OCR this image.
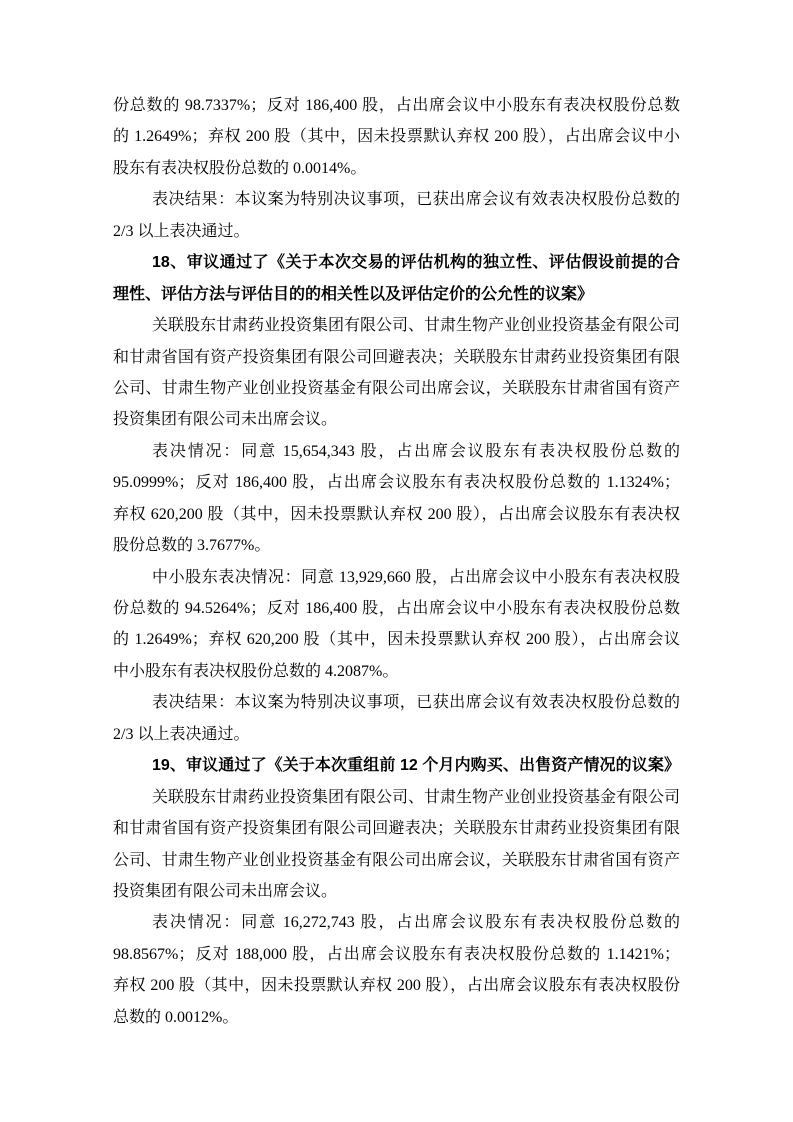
份总数的 98.7337%；反对 186,400 股，占出席会议中小股东有表决权股份总数
的 1.2649%；弃权 200 股（其中，因未投票默认弃权 200 股），占出席会议中小
股东有表决权股份总数的 0.0014%。
表决结果：本议案为特别决议事项，已获出席会议有效表决权股份总数的
2/3 以上表决通过。
18、审议通过了《关于本次交易的评估机构的独立性、评估假设前提的合
理性、评估方法与评估目的的相关性以及评估定价的公允性的议案》
关联股东甘肃药业投资集团有限公司、甘肃生物产业创业投资基金有限公司
和甘肃省国有资产投资集团有限公司回避表决；关联股东甘肃药业投资集团有限
公司、甘肃生物产业创业投资基金有限公司出席会议，关联股东甘肃省国有资产
投资集团有限公司未出席会议。
表决情况：同意 15,654,343 股，占出席会议股东有表决权股份总数的
95.0999%；反对 186,400 股，占出席会议股东有表决权股份总数的 1.1324%；
弃权 620,200 股（其中，因未投票默认弃权 200 股），占出席会议股东有表决权
股份总数的 3.7677%。
中小股东表决情况：同意 13,929,660 股，占出席会议中小股东有表决权股
份总数的 94.5264%；反对 186,400 股，占出席会议中小股东有表决权股份总数
的 1.2649%；弃权 620,200 股（其中，因未投票默认弃权 200 股），占出席会议
中小股东有表决权股份总数的 4.2087%。
表决结果：本议案为特别决议事项，已获出席会议有效表决权股份总数的
2/3 以上表决通过。
19、审议通过了《关于本次重组前 12 个月内购买、出售资产情况的议案》
关联股东甘肃药业投资集团有限公司、甘肃生物产业创业投资基金有限公司
和甘肃省国有资产投资集团有限公司回避表决；关联股东甘肃药业投资集团有限
公司、甘肃生物产业创业投资基金有限公司出席会议，关联股东甘肃省国有资产
投资集团有限公司未出席会议。
表决情况：同意 16,272,743 股，占出席会议股东有表决权股份总数的
98.8567%；反对 188,000 股，占出席会议股东有表决权股份总数的 1.1421%；
弃权 200 股（其中，因未投票默认弃权 200 股），占出席会议股东有表决权股份
总数的 0.0012%。
